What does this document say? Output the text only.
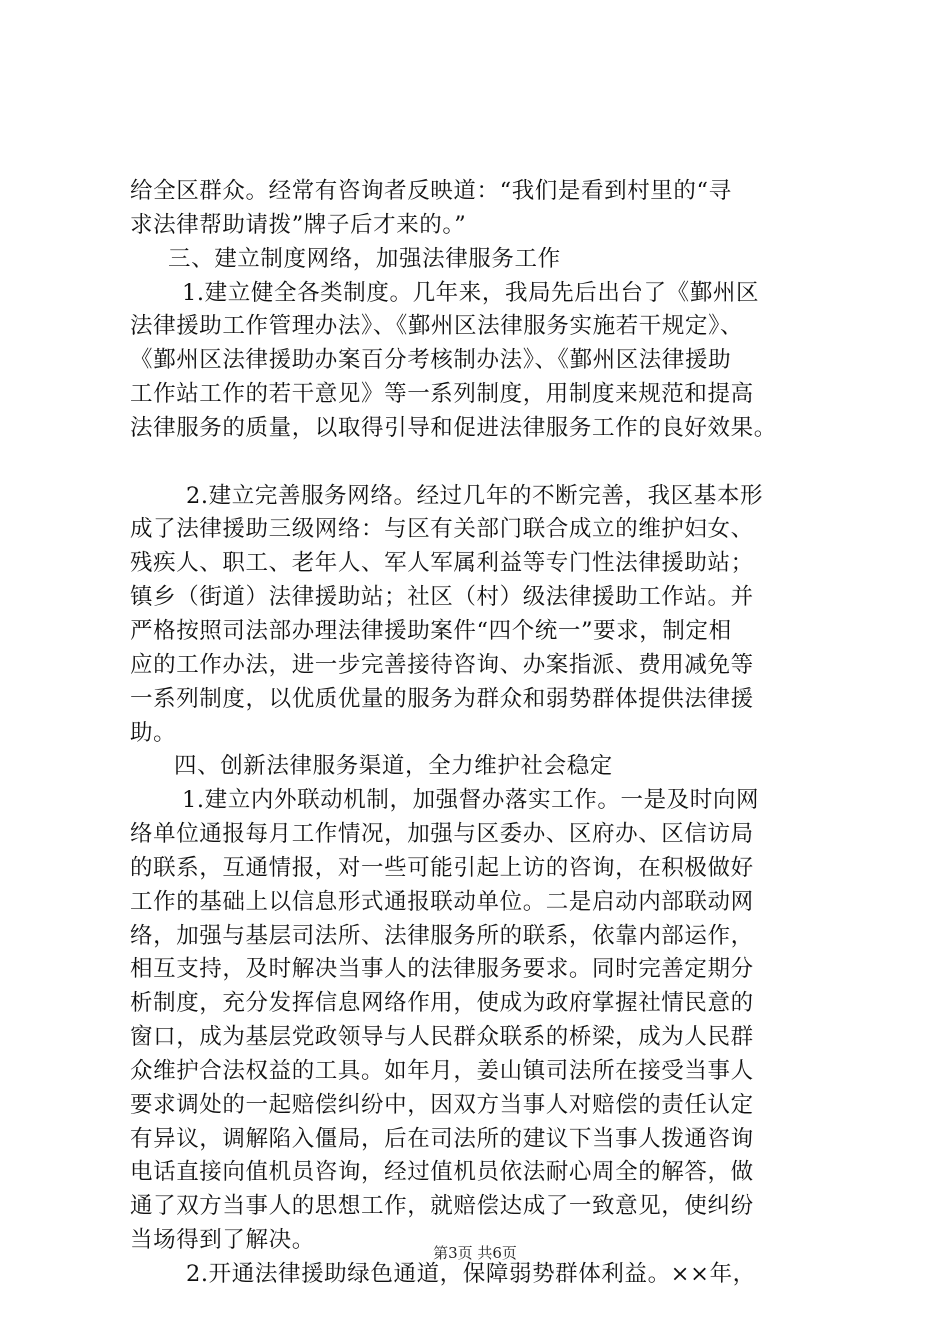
给全区群众。经常有咨询者反映道：“我们是看到村里的“寻
求法律帮助请拨”牌子后才来的。”
三、建立制度网络，加强法律服务工作
1.建立健全各类制度。几年来，我局先后出台了《鄞州区
法律援助工作管理办法》、《鄞州区法律服务实施若干规定》、
《鄞州区法律援助办案百分考核制办法》、《鄞州区法律援助
工作站工作的若干意见》等一系列制度，用制度来规范和提高
法律服务的质量，以取得引导和促进法律服务工作的良好效果。
2.建立完善服务网络。经过几年的不断完善，我区基本形
成了法律援助三级网络：与区有关部门联合成立的维护妇女、
残疾人、职工、老年人、军人军属利益等专门性法律援助站；
镇乡（街道）法律援助站；社区（村）级法律援助工作站。并
严格按照司法部办理法律援助案件“四个统一”要求，制定相
应的工作办法，进一步完善接待咨询、办案指派、费用减免等
一系列制度，以优质优量的服务为群众和弱势群体提供法律援
助。
四、创新法律服务渠道，全力维护社会稳定
1.建立内外联动机制，加强督办落实工作。一是及时向网
络单位通报每月工作情况，加强与区委办、区府办、区信访局
的联系，互通情报，对一些可能引起上访的咨询，在积极做好
工作的基础上以信息形式通报联动单位。二是启动内部联动网
络，加强与基层司法所、法律服务所的联系，依靠内部运作，
相互支持，及时解决当事人的法律服务要求。同时完善定期分
析制度，充分发挥信息网络作用，使成为政府掌握社情民意的
窗口，成为基层党政领导与人民群众联系的桥梁，成为人民群
众维护合法权益的工具。如年月，姜山镇司法所在接受当事人
要求调处的一起赔偿纠纷中，因双方当事人对赔偿的责任认定
有异议，调解陷入僵局，后在司法所的建议下当事人拨通咨询
电话直接向值机员咨询，经过值机员依法耐心周全的解答，做
通了双方当事人的思想工作，就赔偿达成了一致意见，使纠纷
当场得到了解决。
2.开通法律援助绿色通道，保障弱势群体利益。××年，
第3页 共6页
